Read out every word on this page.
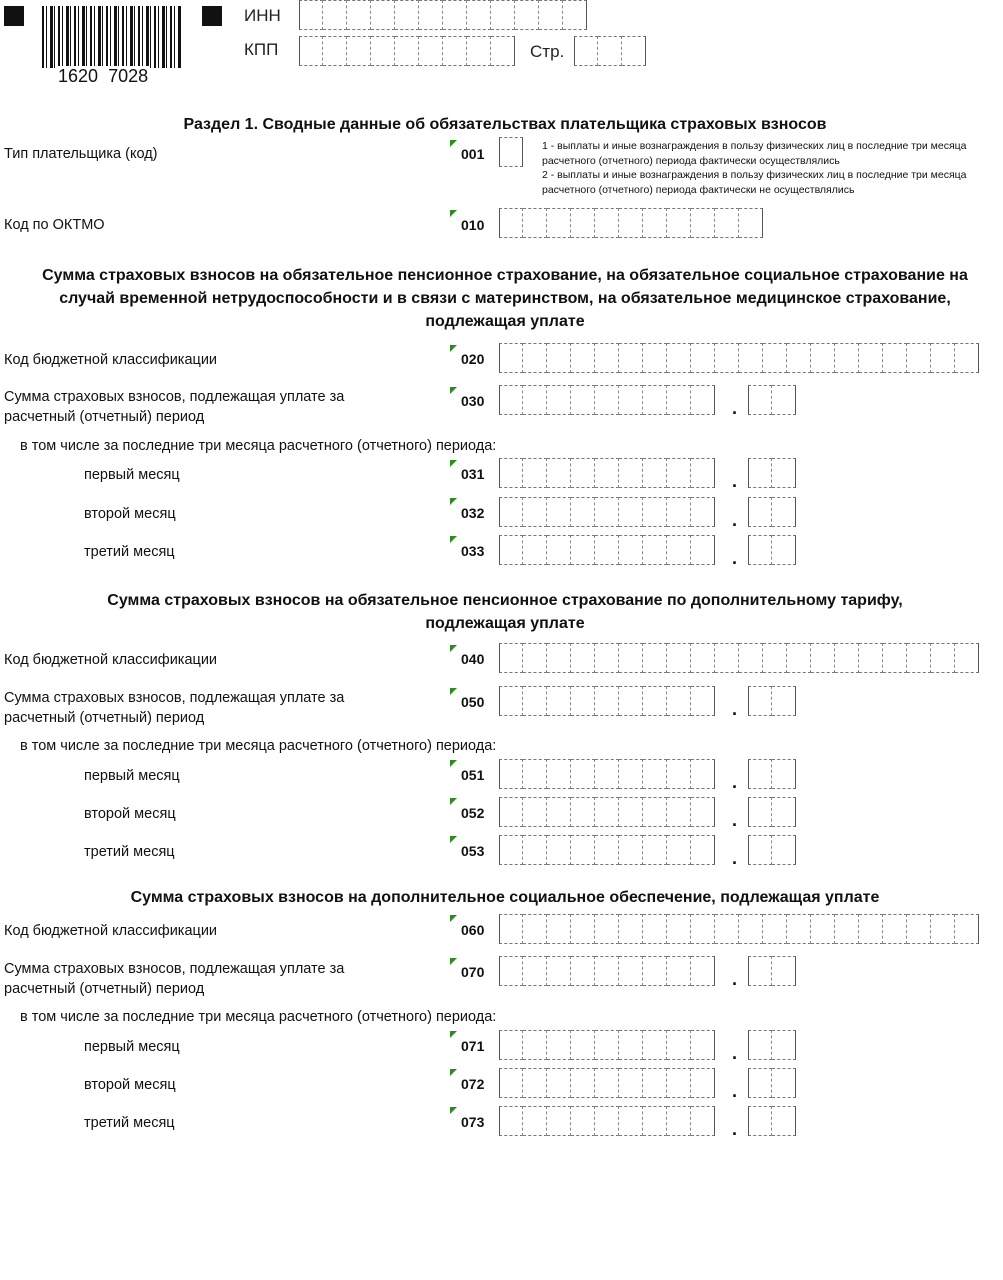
1620 7028
ИНН
КПП	Стр.
Раздел 1. Сводные данные об обязательствах плательщика страховых взносов
Тип плательщика (код)	001	1 - выплаты и иные вознаграждения в пользу физических лиц в последние три месяца расчетного (отчетного) периода фактически осуществлялись
2 - выплаты и иные вознаграждения в пользу физических лиц в последние три месяца расчетного (отчетного) периода фактически не осуществлялись
Код по ОКТМО	010
Сумма страховых взносов на обязательное пенсионное страхование, на обязательное социальное страхование на случай временной нетрудоспособности и в связи с материнством, на обязательное медицинское страхование, подлежащая уплате
Код бюджетной классификации	020
Сумма страховых взносов, подлежащая уплате за
расчетный (отчетный) период
030	.
в том числе за последние три месяца расчетного (отчетного) периода:
первый месяц	031	.
второй месяц	032	.
третий месяц	033	.
Сумма страховых взносов на обязательное пенсионное страхование по дополнительному тарифу, подлежащая уплате
Код бюджетной классификации	040
Сумма страховых взносов, подлежащая уплате за
расчетный (отчетный) период
050	.
в том числе за последние три месяца расчетного (отчетного) периода:
первый месяц	051	.
второй месяц	052	.
третий месяц	053	.
Сумма страховых взносов на дополнительное социальное обеспечение, подлежащая уплате
Код бюджетной классификации	060
Сумма страховых взносов, подлежащая уплате за
расчетный (отчетный) период
070	.
в том числе за последние три месяца расчетного (отчетного) периода:
первый месяц	071	.
второй месяц	072	.
третий месяц	073	.
